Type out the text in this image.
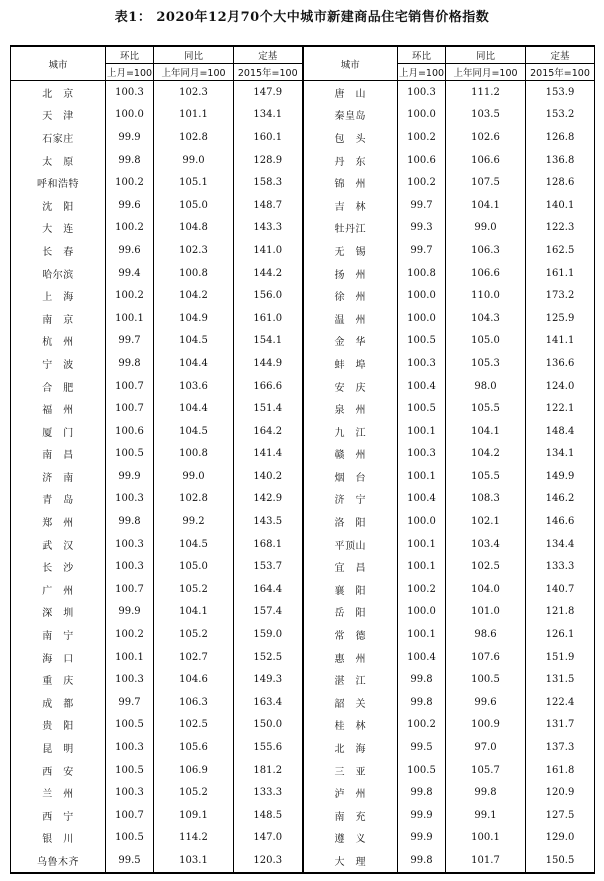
表1： 2020年12月70个大中城市新建商品住宅销售价格指数
城市	环比	同比	定基	城市	环比	同比	定基
	上月=100	上年同月=100	2015年=100		上月=100	上年同月=100	2015年=100
北　京	100.3	102.3	147.9	唐　山	100.3	111.2	153.9
天　津	100.0	101.1	134.1	秦皇岛	100.0	103.5	153.2
石家庄	99.9	102.8	160.1	包　头	100.2	102.6	126.8
太　原	99.8	99.0	128.9	丹　东	100.6	106.6	136.8
呼和浩特	100.2	105.1	158.3	锦　州	100.2	107.5	128.6
沈　阳	99.6	105.0	148.7	吉　林	99.7	104.1	140.1
大　连	100.2	104.8	143.3	牡丹江	99.3	99.0	122.3
长　春	99.6	102.3	141.0	无　锡	99.7	106.3	162.5
哈尔滨	99.4	100.8	144.2	扬　州	100.8	106.6	161.1
上　海	100.2	104.2	156.0	徐　州	100.0	110.0	173.2
南　京	100.1	104.9	161.0	温　州	100.0	104.3	125.9
杭　州	99.7	104.5	154.1	金　华	100.5	105.0	141.1
宁　波	99.8	104.4	144.9	蚌　埠	100.3	105.3	136.6
合　肥	100.7	103.6	166.6	安　庆	100.4	98.0	124.0
福　州	100.7	104.4	151.4	泉　州	100.5	105.5	122.1
厦　门	100.6	104.5	164.2	九　江	100.1	104.1	148.4
南　昌	100.5	100.8	141.4	赣　州	100.3	104.2	134.1
济　南	99.9	99.0	140.2	烟　台	100.1	105.5	149.9
青　岛	100.3	102.8	142.9	济　宁	100.4	108.3	146.2
郑　州	99.8	99.2	143.5	洛　阳	100.0	102.1	146.6
武　汉	100.3	104.5	168.1	平顶山	100.1	103.4	134.4
长　沙	100.3	105.0	153.7	宜　昌	100.1	102.5	133.3
广　州	100.7	105.2	164.4	襄　阳	100.2	104.0	140.7
深　圳	99.9	104.1	157.4	岳　阳	100.0	101.0	121.8
南　宁	100.2	105.2	159.0	常　德	100.1	98.6	126.1
海　口	100.1	102.7	152.5	惠　州	100.4	107.6	151.9
重　庆	100.3	104.6	149.3	湛　江	99.8	100.5	131.5
成　都	99.7	106.3	163.4	韶　关	99.8	99.6	122.4
贵　阳	100.5	102.5	150.0	桂　林	100.2	100.9	131.7
昆　明	100.3	105.6	155.6	北　海	99.5	97.0	137.3
西　安	100.5	106.9	181.2	三　亚	100.5	105.7	161.8
兰　州	100.3	105.2	133.3	泸　州	99.8	99.8	120.9
西　宁	100.7	109.1	148.5	南　充	99.9	99.1	127.5
银　川	100.5	114.2	147.0	遵　义	99.9	100.1	129.0
乌鲁木齐	99.5	103.1	120.3	大　理	99.8	101.7	150.5
